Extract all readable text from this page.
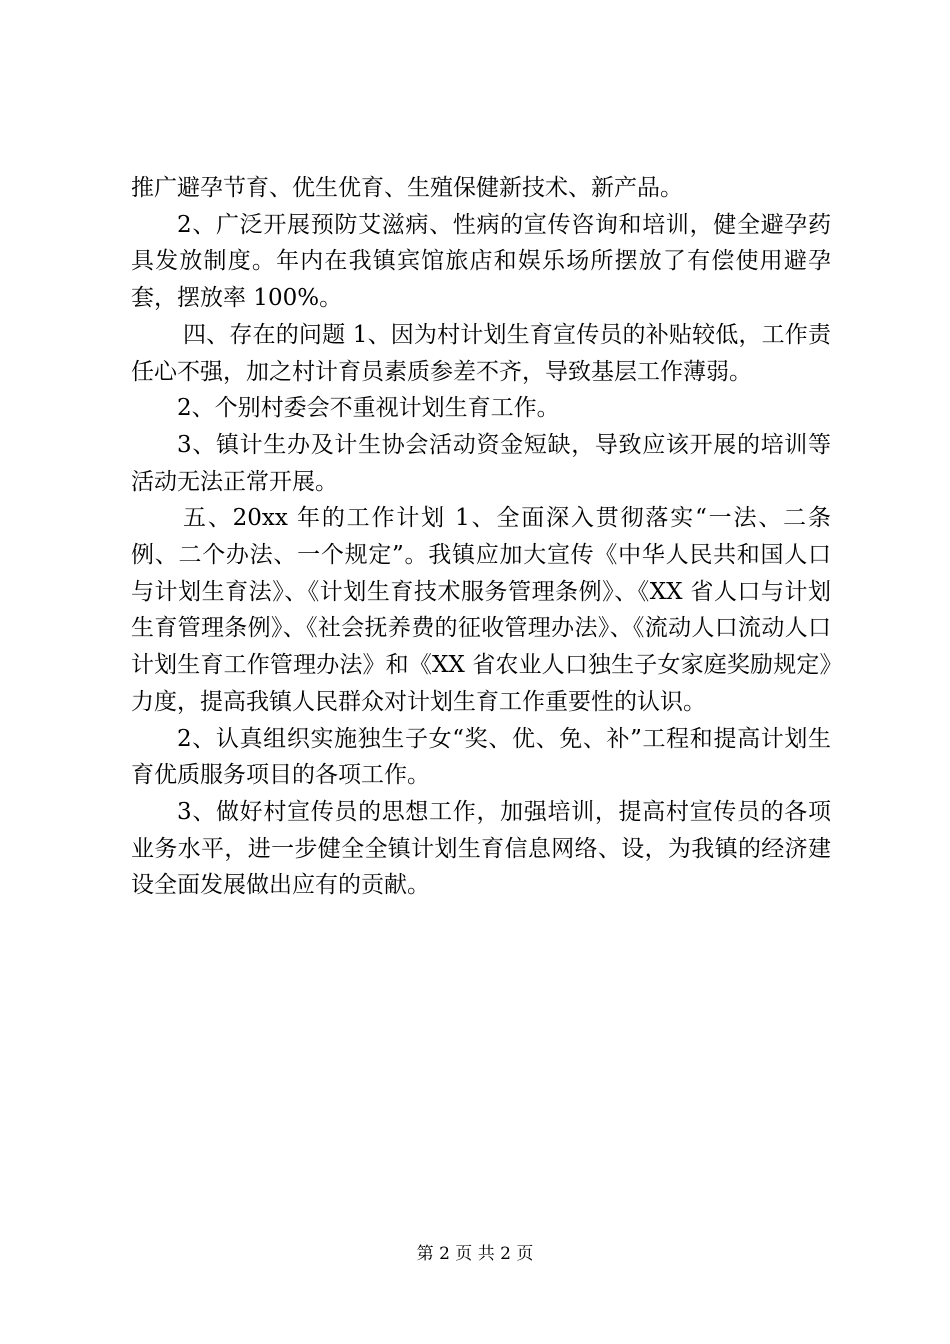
推广避孕节育、优生优育、生殖保健新技术、新产品。

2、广泛开展预防艾滋病、性病的宣传咨询和培训，健全避孕药具发放制度。年内在我镇宾馆旅店和娱乐场所摆放了有偿使用避孕套，摆放率 100%。

四、存在的问题 1、因为村计划生育宣传员的补贴较低，工作责任心不强，加之村计育员素质参差不齐，导致基层工作薄弱。

2、个别村委会不重视计划生育工作。

3、镇计生办及计生协会活动资金短缺，导致应该开展的培训等活动无法正常开展。

五、20xx 年的工作计划 1、全面深入贯彻落实“一法、二条例、二个办法、一个规定”。我镇应加大宣传《中华人民共和国人口与计划生育法》、《计划生育技术服务管理条例》、《XX 省人口与计划生育管理条例》、《社会抚养费的征收管理办法》、《流动人口流动人口计划生育工作管理办法》和《XX 省农业人口独生子女家庭奖励规定》力度，提高我镇人民群众对计划生育工作重要性的认识。

2、认真组织实施独生子女“奖、优、免、补”工程和提高计划生育优质服务项目的各项工作。

3、做好村宣传员的思想工作，加强培训，提高村宣传员的各项业务水平，进一步健全全镇计划生育信息网络、设，为我镇的经济建设全面发展做出应有的贡献。

第 2 页 共 2 页
